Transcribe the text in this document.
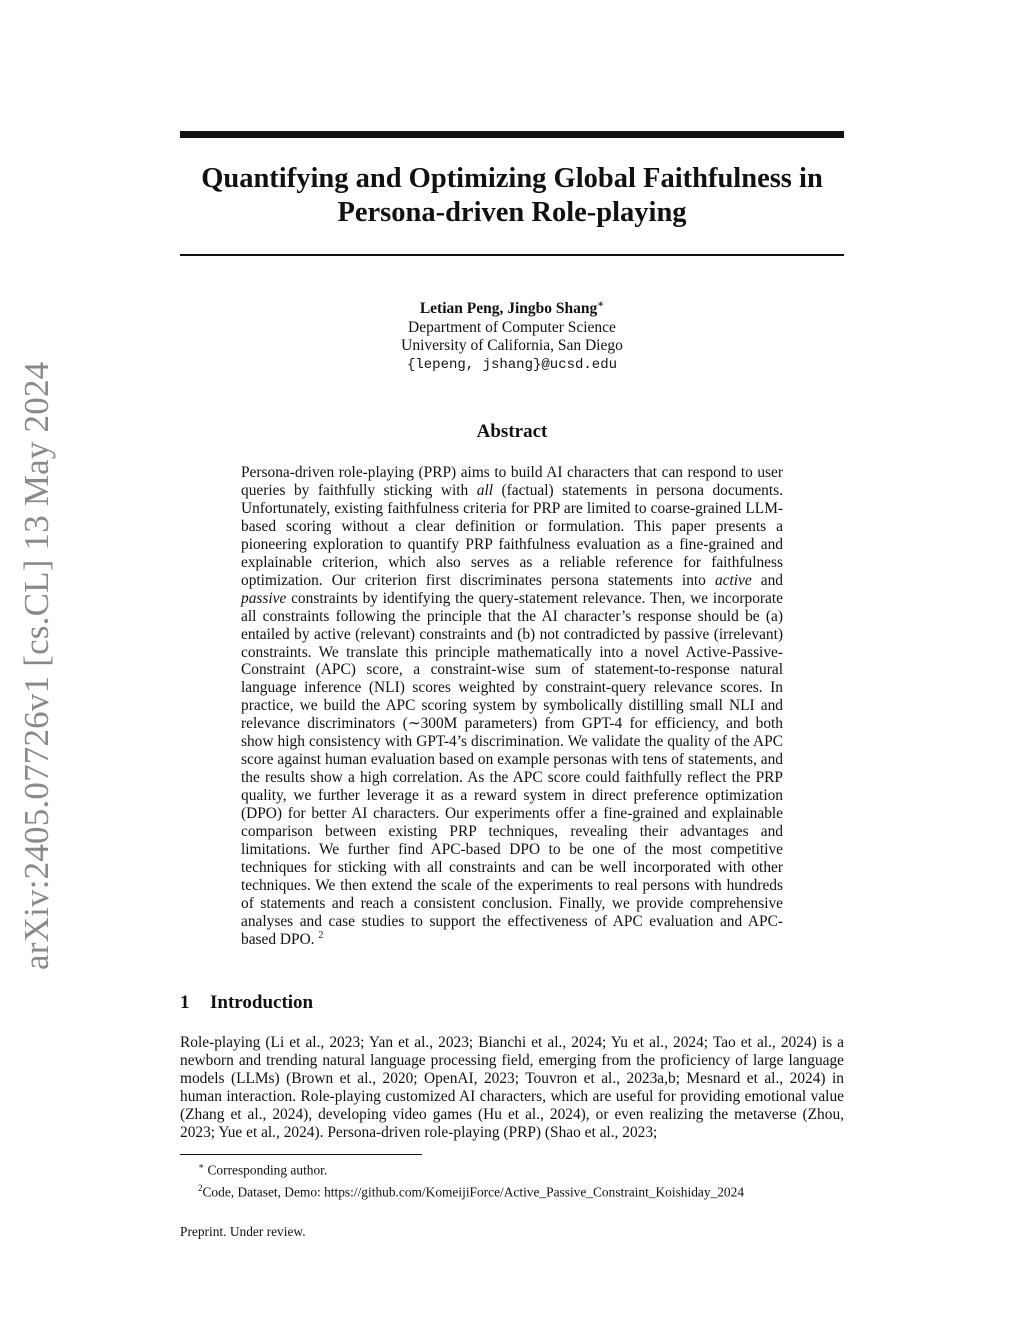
arXiv:2405.07726v1 [cs.CL] 13 May 2024
Quantifying and Optimizing Global Faithfulness in
Persona-driven Role-playing
Letian Peng, Jingbo Shang∗
Department of Computer Science
University of California, San Diego
{lepeng, jshang}@ucsd.edu
Abstract

Persona-driven role-playing (PRP) aims to build AI characters that can respond to user queries by faithfully sticking with all (factual) statements in persona documents. Unfortunately, existing faithfulness criteria for PRP are limited to coarse-grained LLM-based scoring without a clear definition or formulation. This paper presents a pioneering exploration to quantify PRP faithfulness evaluation as a fine-grained and explainable criterion, which also serves as a reliable reference for faithfulness optimization. Our criterion first discriminates persona statements into active and passive constraints by identifying the query-statement relevance. Then, we incorporate all constraints following the principle that the AI character’s response should be (a) entailed by active (relevant) constraints and (b) not contradicted by passive (irrelevant) constraints. We translate this principle mathematically into a novel Active-Passive-Constraint (APC) score, a constraint-wise sum of statement-to-response natural language inference (NLI) scores weighted by constraint-query relevance scores. In practice, we build the APC scoring system by symbolically distilling small NLI and relevance discriminators (∼300M parameters) from GPT-4 for efficiency, and both show high consistency with GPT-4’s discrimination. We validate the quality of the APC score against human evaluation based on example personas with tens of statements, and the results show a high correlation. As the APC score could faithfully reflect the PRP quality, we further leverage it as a reward system in direct preference optimization (DPO) for better AI characters. Our experiments offer a fine-grained and explainable comparison between existing PRP techniques, revealing their advantages and limitations. We further find APC-based DPO to be one of the most competitive techniques for sticking with all constraints and can be well incorporated with other techniques. We then extend the scale of the experiments to real persons with hundreds of statements and reach a consistent conclusion. Finally, we provide comprehensive analyses and case studies to support the effectiveness of APC evaluation and APC-based DPO. $^2$

1 Introduction

Role-playing (Li et al., 2023; Yan et al., 2023; Bianchi et al., 2024; Yu et al., 2024; Tao et al., 2024) is a newborn and trending natural language processing field, emerging from the proficiency of large language models (LLMs) (Brown et al., 2020; OpenAI, 2023; Touvron et al., 2023a,b; Mesnard et al., 2024) in human interaction. Role-playing customized AI characters, which are useful for providing emotional value (Zhang et al., 2024), developing video games (Hu et al., 2024), or even realizing the metaverse (Zhou, 2023; Yue et al., 2024). Persona-driven role-playing (PRP) (Shao et al., 2023;

∗ Corresponding author.
$^2$Code, Dataset, Demo: https://github.com/KomeijiForce/Active_Passive_Constraint_Koishiday_2024
Preprint. Under review.
